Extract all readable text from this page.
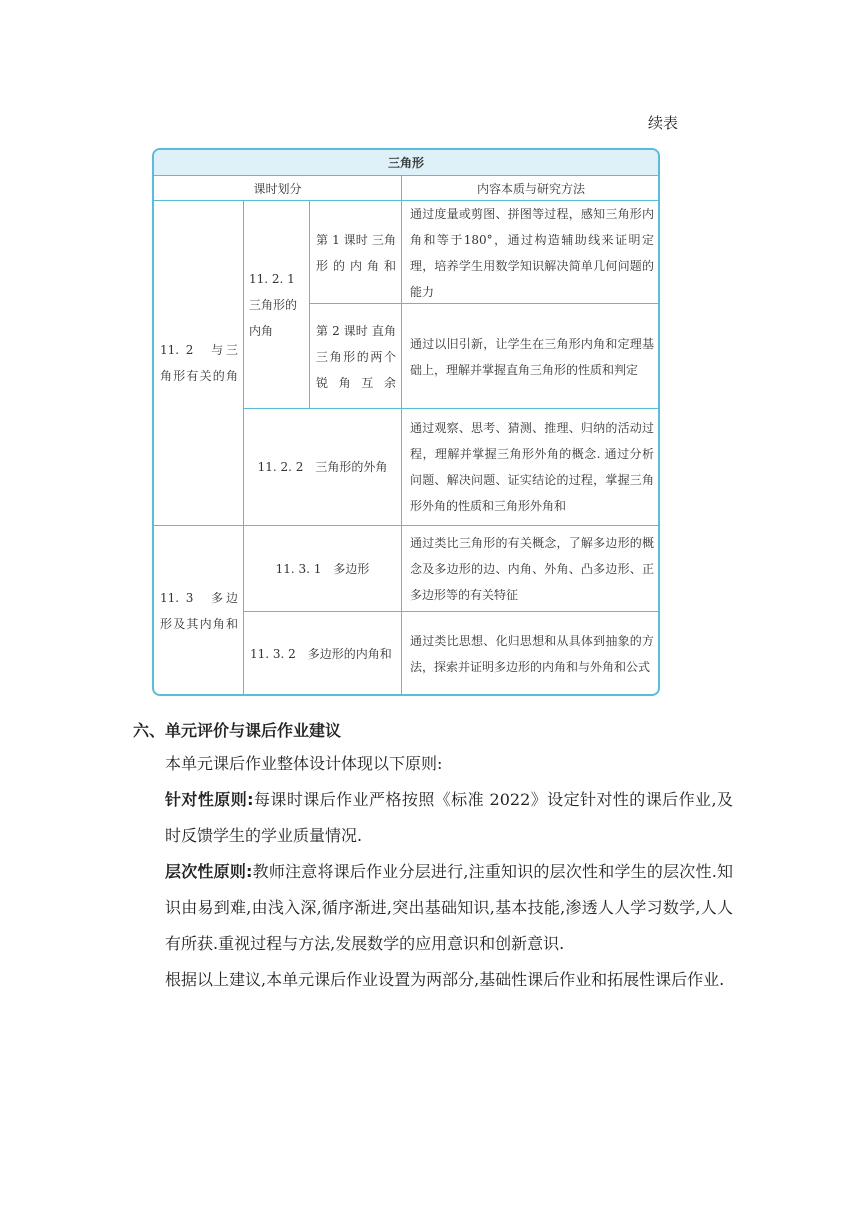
续表
三角形
课时划分	内容本质与研究方法
11. 2　与三角形有关的角
11. 2. 1 三角形的内角
第 1 课时 三角形的内角和
通过度量或剪图、拼图等过程，感知三角形内角和等于180°，通过构造辅助线来证明定理，培养学生用数学知识解决简单几何问题的能力
第 2 课时 直角三角形的两个锐角互余
通过以旧引新，让学生在三角形内角和定理基础上，理解并掌握直角三角形的性质和判定
11. 2. 2　三角形的外角
通过观察、思考、猜测、推理、归纳的活动过程，理解并掌握三角形外角的概念. 通过分析问题、解决问题、证实结论的过程，掌握三角形外角的性质和三角形外角和
11. 3　多边形及其内角和
11. 3. 1　多边形
通过类比三角形的有关概念，了解多边形的概念及多边形的边、内角、外角、凸多边形、正多边形等的有关特征
11. 3. 2　多边形的内角和
通过类比思想、化归思想和从具体到抽象的方法，探索并证明多边形的内角和与外角和公式
六、单元评价与课后作业建议
本单元课后作业整体设计体现以下原则:
针对性原则:每课时课后作业严格按照《标准 2022》设定针对性的课后作业,及时反馈学生的学业质量情况.
层次性原则:教师注意将课后作业分层进行,注重知识的层次性和学生的层次性.知识由易到难,由浅入深,循序渐进,突出基础知识,基本技能,渗透人人学习数学,人人有所获.重视过程与方法,发展数学的应用意识和创新意识.
根据以上建议,本单元课后作业设置为两部分,基础性课后作业和拓展性课后作业.
